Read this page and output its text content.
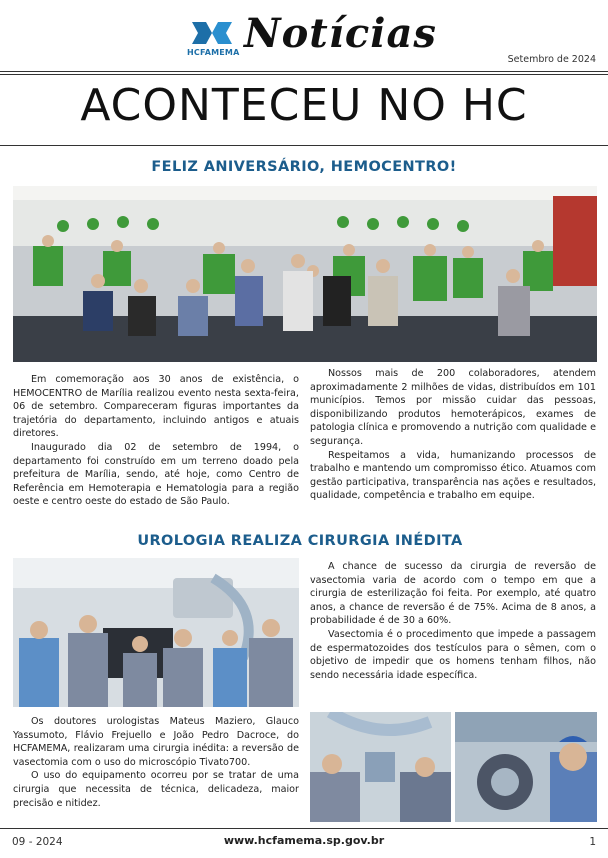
HCFAMEMA Notícias
Setembro de 2024
ACONTECEU NO HC
FELIZ ANIVERSÁRIO, HEMOCENTRO!

Em comemoração aos 30 anos de existência, o HEMOCENTRO de Marília realizou evento nesta sexta-feira, 06 de setembro. Compareceram figuras importantes da trajetória do departamento, incluindo antigos e atuais diretores.

Inaugurado dia 02 de setembro de 1994, o departamento foi construído em um terreno doado pela prefeitura de Marília, sendo, até hoje, como Centro de Referência em Hemoterapia e Hematologia para a região oeste e centro oeste do estado de São Paulo.

Nossos mais de 200 colaboradores, atendem aproximadamente 2 milhões de vidas, distribuídos em 101 municípios. Temos por missão cuidar das pessoas, disponibilizando produtos hemoterápicos, exames de patologia clínica e promovendo a nutrição com qualidade e segurança.

Respeitamos a vida, humanizando processos de trabalho e mantendo um compromisso ético. Atuamos com gestão participativa, transparência nas ações e resultados, qualidade, competência e trabalho em equipe.

UROLOGIA REALIZA CIRURGIA INÉDITA

Os doutores urologistas Mateus Maziero, Glauco Yassumoto, Flávio Frejuello e João Pedro Dacroce, do HCFAMEMA, realizaram uma cirurgia inédita: a reversão de vasectomia com o uso do microscópio Tivato700.

O uso do equipamento ocorreu por se tratar de uma cirurgia que necessita de técnica, delicadeza, maior precisão e nitidez.

A chance de sucesso da cirurgia de reversão de vasectomia varia de acordo com o tempo em que a cirurgia de esterilização foi feita. Por exemplo, até quatro anos, a chance de reversão é de 75%. Acima de 8 anos, a probabilidade é de 30 a 60%.

Vasectomia é o procedimento que impede a passagem de espermatozoides dos testículos para o sêmen, com o objetivo de impedir que os homens tenham filhos, não sendo necessária idade específica.

09 - 2024	www.hcfamema.sp.gov.br	1
